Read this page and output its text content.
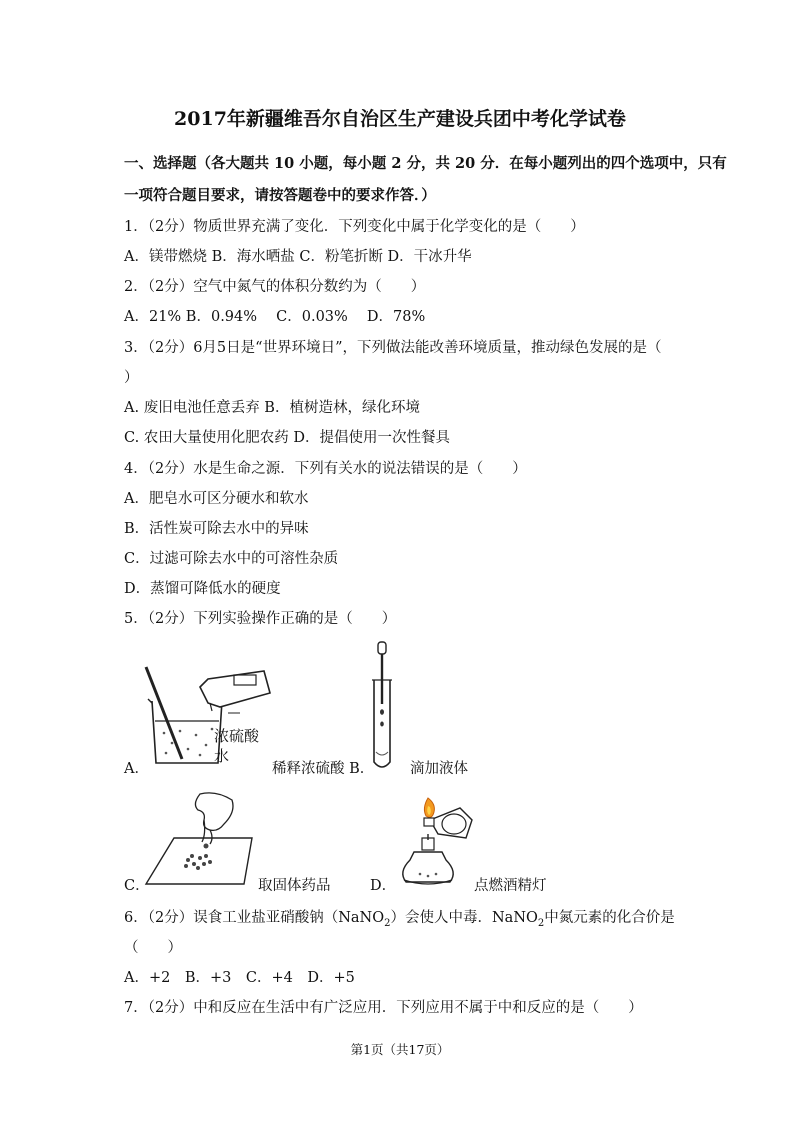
2017年新疆维吾尔自治区生产建设兵团中考化学试卷
一、选择题（各大题共 10 小题，每小题 2 分，共 20 分．在每小题列出的四个选项中，只有
一项符合题目要求，请按答题卷中的要求作答．）
1．（2分）物质世界充满了变化．下列变化中属于化学变化的是（　　）
A．镁带燃烧 B．海水晒盐 C．粉笔折断 D．干冰升华
2．（2分）空气中氮气的体积分数约为（　　）
A．21% B．0.94%　 C．0.03%　 D．78%
3．（2分）6月5日是“世界环境日”，下列做法能改善环境质量，推动绿色发展的是（
）
A. 废旧电池任意丢弃 B．植树造林，绿化环境
C. 农田大量使用化肥农药 D．提倡使用一次性餐具
4．（2分）水是生命之源．下列有关水的说法错误的是（　　）
A．肥皂水可区分硬水和软水
B．活性炭可除去水中的异味
C．过滤可除去水中的可溶性杂质
D．蒸馏可降低水的硬度
5．（2分）下列实验操作正确的是（　　）
浓硫酸
水
A．	稀释浓硫酸 B． 滴加液体
C．	取固体药品	D．	点燃酒精灯
6．（2分）误食工业盐亚硝酸钠（NaNO$_2$）会使人中毒．NaNO$_2$中氮元素的化合价是
（　　）
A．+2　B．+3　C．+4　D．+5
7．（2分）中和反应在生活中有广泛应用．下列应用不属于中和反应的是（　　）
第1页（共17页）
